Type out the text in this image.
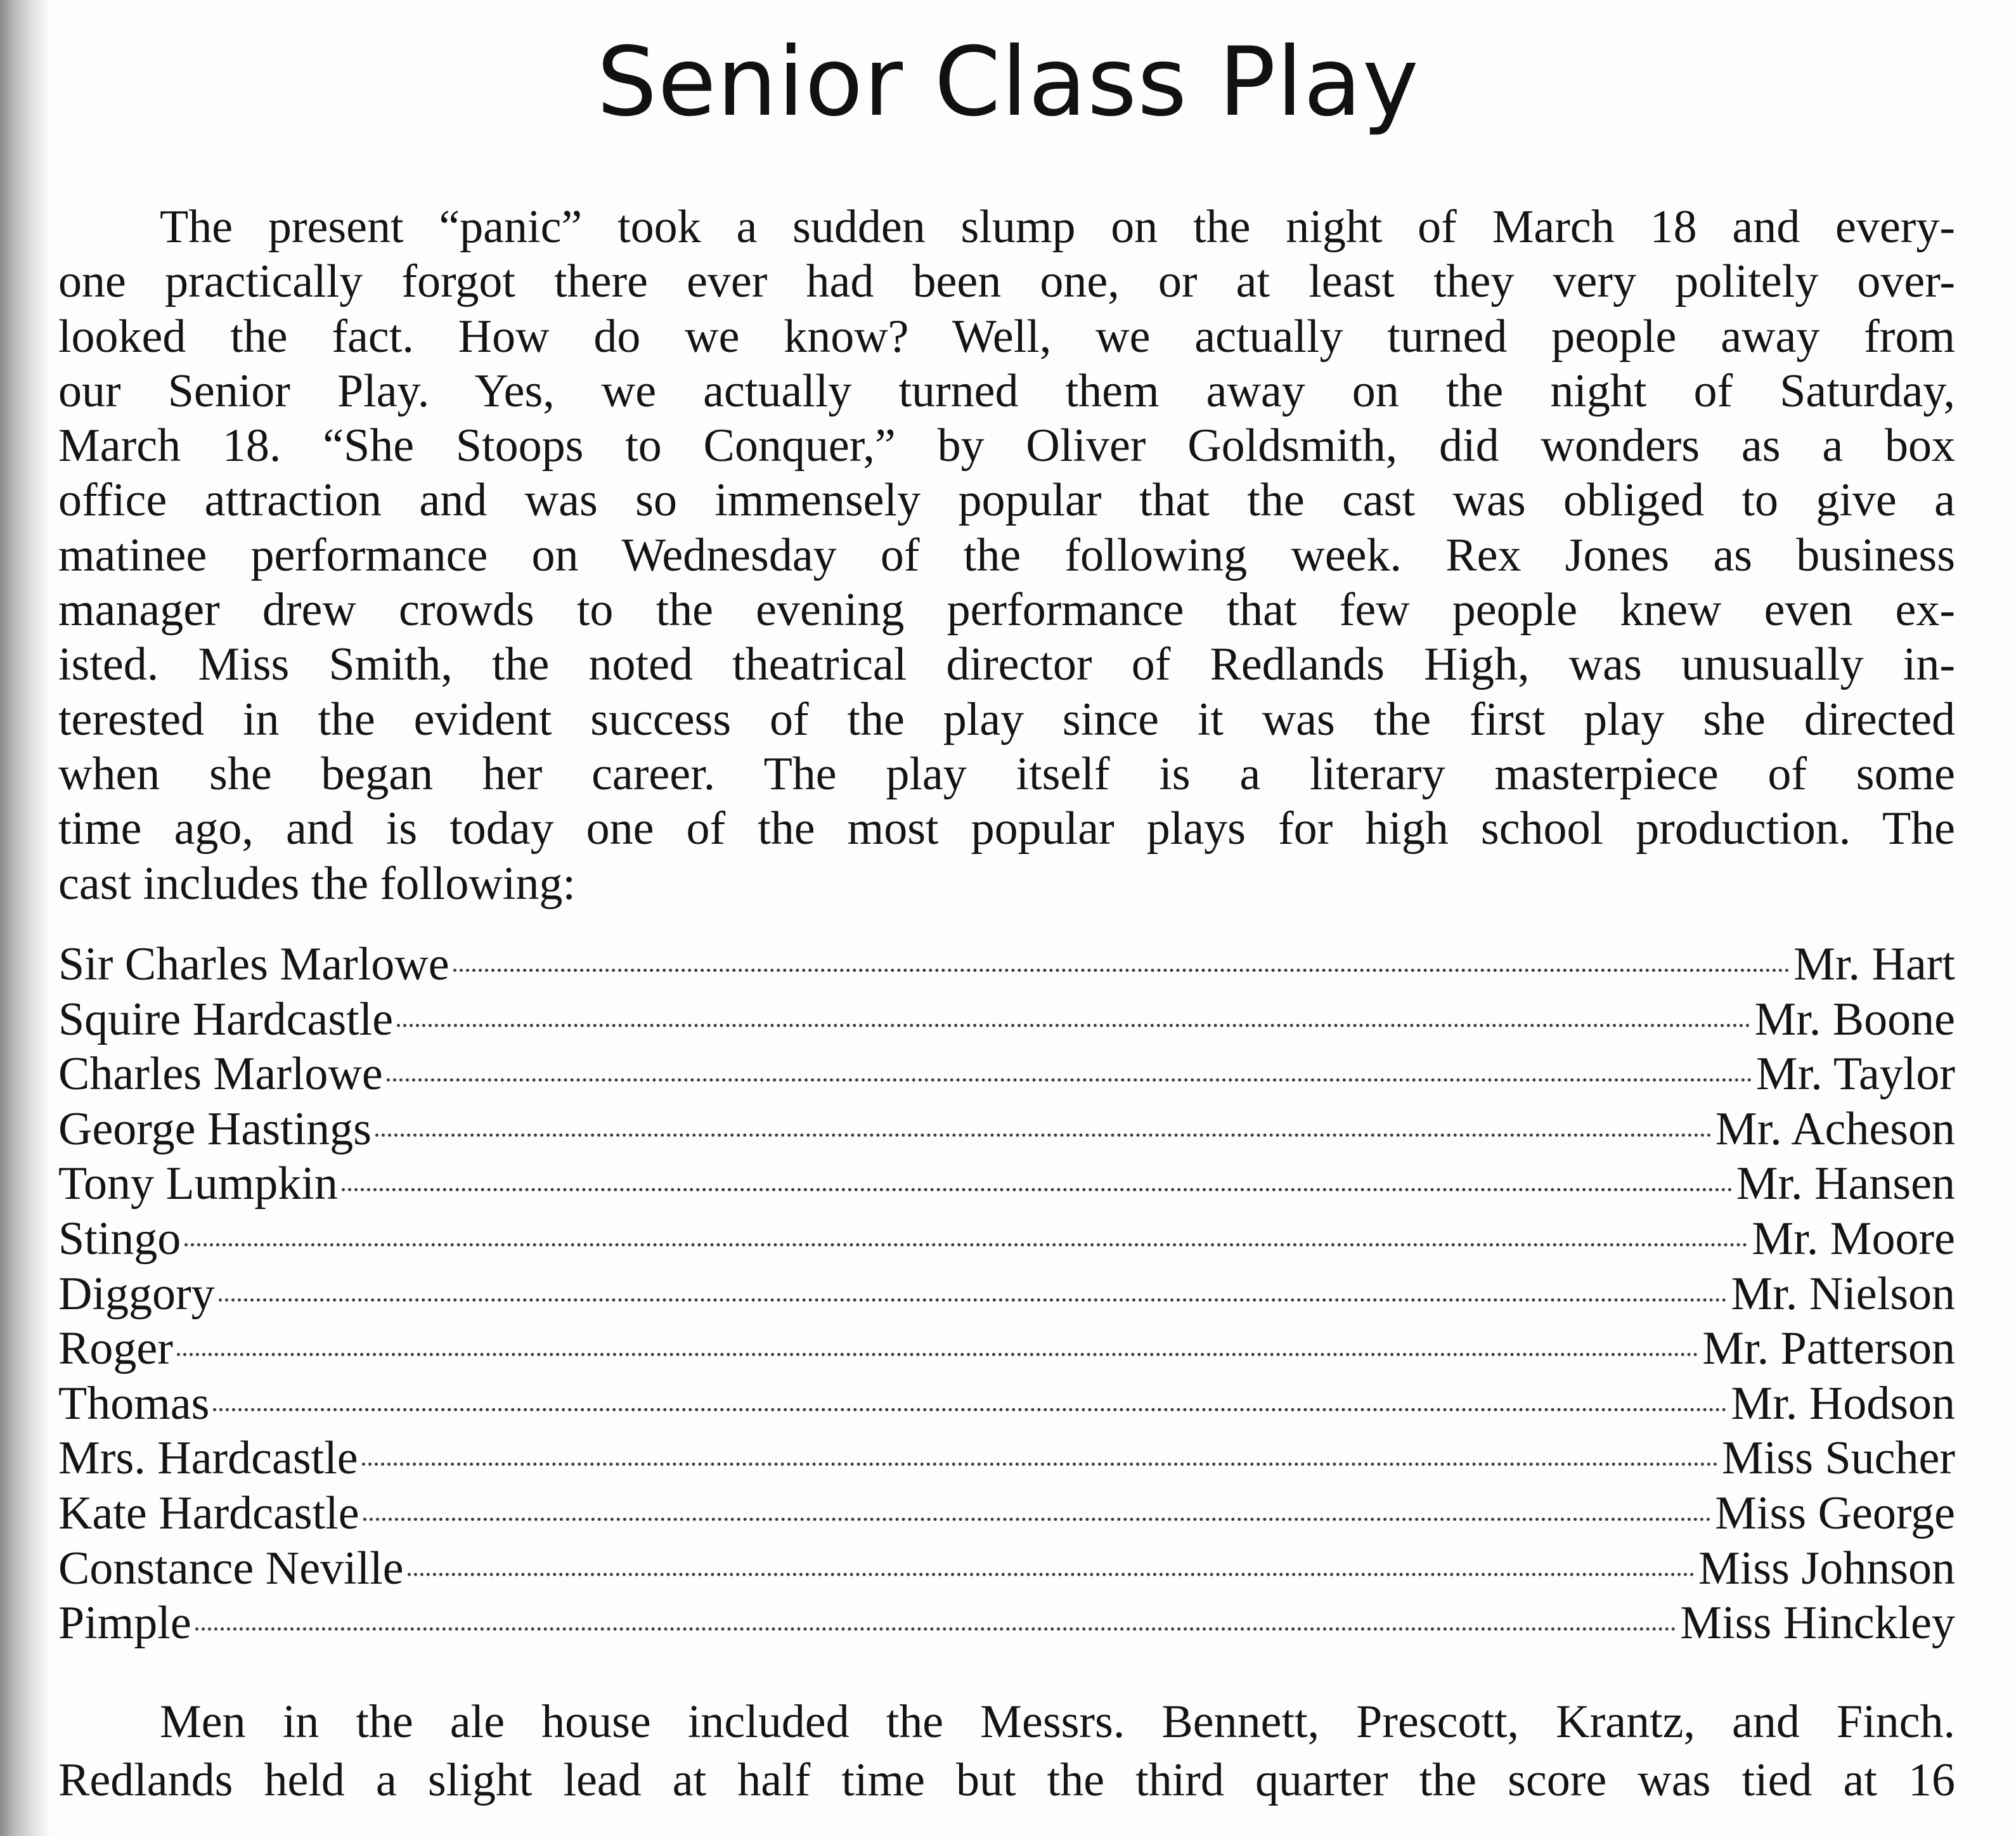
Senior Class Play
The present “panic” took a sudden slump on the night of March 18 and every-
one practically forgot there ever had been one, or at least they very politely over-
looked the fact. How do we know? Well, we actually turned people away from
our Senior Play. Yes, we actually turned them away on the night of Saturday,
March 18. “She Stoops to Conquer,” by Oliver Goldsmith, did wonders as a box
office attraction and was so immensely popular that the cast was obliged to give a
matinee performance on Wednesday of the following week. Rex Jones as business
manager drew crowds to the evening performance that few people knew even ex-
isted. Miss Smith, the noted theatrical director of Redlands High, was unusually in-
terested in the evident success of the play since it was the first play she directed
when she began her career. The play itself is a literary masterpiece of some
time ago, and is today one of the most popular plays for high school production. The
cast includes the following:
Sir Charles Marlowe	Mr. Hart
Squire Hardcastle	Mr. Boone
Charles Marlowe	Mr. Taylor
George Hastings	Mr. Acheson
Tony Lumpkin	Mr. Hansen
Stingo	Mr. Moore
Diggory	Mr. Nielson
Roger	Mr. Patterson
Thomas	Mr. Hodson
Mrs. Hardcastle	Miss Sucher
Kate Hardcastle	Miss George
Constance Neville	Miss Johnson
Pimple	Miss Hinckley
Men in the ale house included the Messrs. Bennett, Prescott, Krantz, and Finch.
Redlands held a slight lead at half time but the third quarter the score was tied at 16
